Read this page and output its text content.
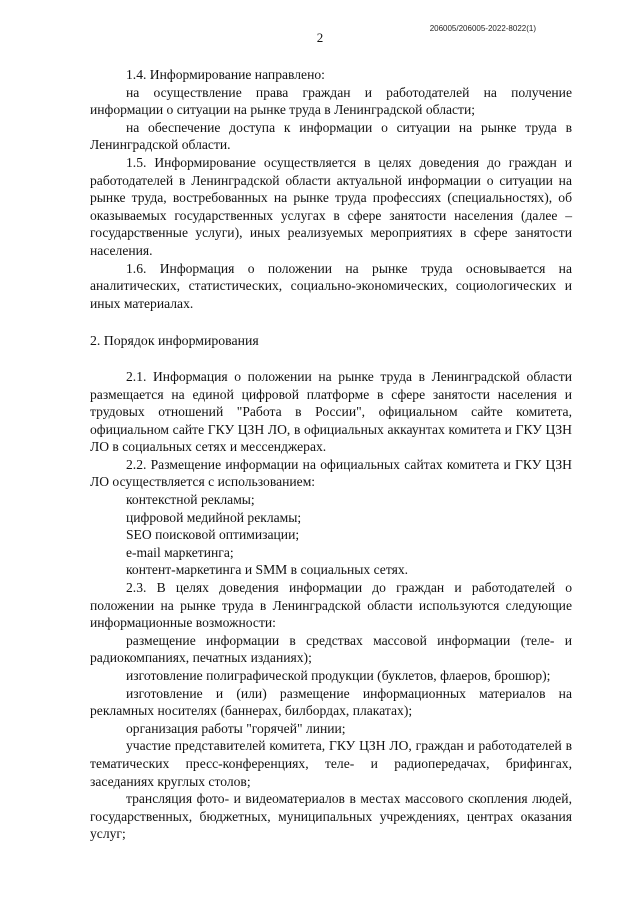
206005/206005-2022-8022(1)
2

1.4. Информирование направлено:

на осуществление права граждан и работодателей на получение информации о ситуации на рынке труда в Ленинградской области;

на обеспечение доступа к информации о ситуации на рынке труда в Ленинградской области.

1.5. Информирование осуществляется в целях доведения до граждан и работодателей в Ленинградской области актуальной информации о ситуации на рынке труда, востребованных на рынке труда профессиях (специальностях), об оказываемых государственных услугах в сфере занятости населения (далее – государственные услуги), иных реализуемых мероприятиях в сфере занятости населения.

1.6. Информация о положении на рынке труда основывается на аналитических, статистических, социально-экономических, социологических и иных материалах.

2. Порядок информирования

2.1. Информация о положении на рынке труда в Ленинградской области размещается на единой цифровой платформе в сфере занятости населения и трудовых отношений "Работа в России", официальном сайте комитета, официальном сайте ГКУ ЦЗН ЛО, в официальных аккаунтах комитета и ГКУ ЦЗН ЛО в социальных сетях и мессенджерах.

2.2. Размещение информации на официальных сайтах комитета и ГКУ ЦЗН ЛО осуществляется с использованием:

контекстной рекламы;

цифровой медийной рекламы;

SEO поисковой оптимизации;

e-mail маркетинга;

контент-маркетинга и SMM в социальных сетях.

2.3. В целях доведения информации до граждан и работодателей о положении на рынке труда в Ленинградской области используются следующие информационные возможности:

размещение информации в средствах массовой информации (теле- и радиокомпаниях, печатных изданиях);

изготовление полиграфической продукции (буклетов, флаеров, брошюр);

изготовление и (или) размещение информационных материалов на рекламных носителях (баннерах, билбордах, плакатах);

организация работы "горячей" линии;

участие представителей комитета, ГКУ ЦЗН ЛО, граждан и работодателей в тематических пресс-конференциях, теле- и радиопередачах, брифингах, заседаниях круглых столов;

трансляция фото- и видеоматериалов в местах массового скопления людей, государственных, бюджетных, муниципальных учреждениях, центрах оказания услуг;
